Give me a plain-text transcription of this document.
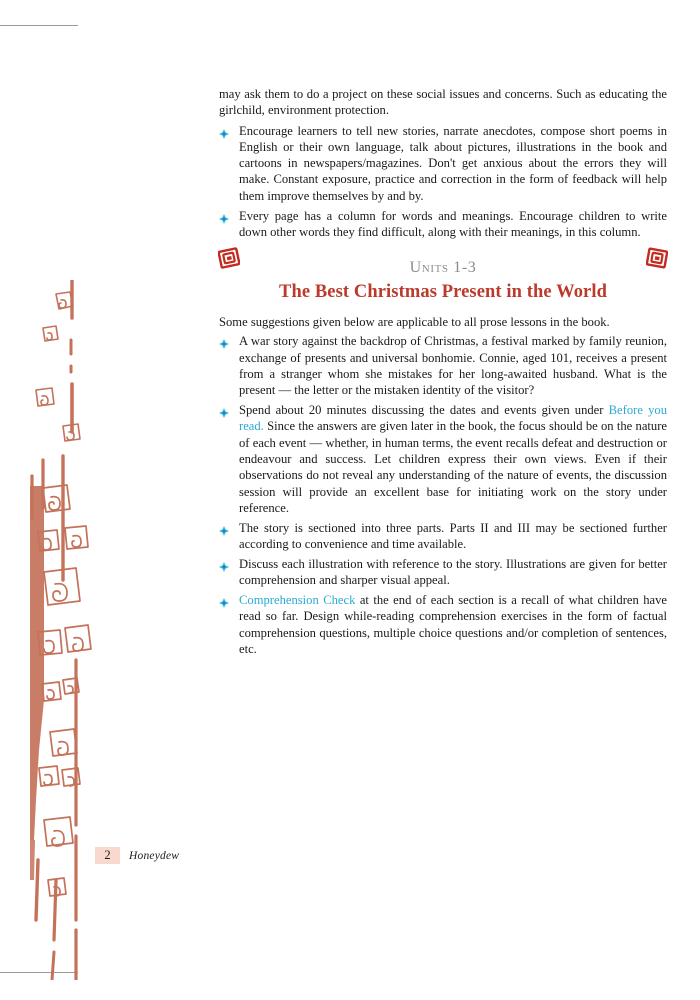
2	Honeydew

may ask them to do a project on these social issues and concerns. Such as educating the girlchild, environment protection.

Encourage learners to tell new stories, narrate anecdotes, compose short poems in English or their own language, talk about pictures, illustrations in the book and cartoons in newspapers/magazines. Don't get anxious about the errors they will make. Constant exposure, practice and correction in the form of feedback will help them improve themselves by and by.
Every page has a column for words and meanings. Encourage children to write down other words they find difficult, along with their meanings, in this column.

Units 1-3

The Best Christmas Present in the World

Some suggestions given below are applicable to all prose lessons in the book.

A war story against the backdrop of Christmas, a festival marked by family reunion, exchange of presents and universal bonhomie. Connie, aged 101, receives a present from a stranger whom she mistakes for her long-awaited husband. What is the present — the letter or the mistaken identity of the visitor?
Spend about 20 minutes discussing the dates and events given under Before you read. Since the answers are given later in the book, the focus should be on the nature of each event — whether, in human terms, the event recalls defeat and destruction or endeavour and success. Let children express their own views. Even if their observations do not reveal any understanding of the nature of events, the discussion session will provide an excellent base for initiating work on the story under reference.
The story is sectioned into three parts. Parts II and III may be sectioned further according to convenience and time available.
Discuss each illustration with reference to the story. Illustrations are given for better comprehension and sharper visual appeal.
Comprehension Check at the end of each section is a recall of what children have read so far. Design while-reading comprehension exercises in the form of factual comprehension questions, multiple choice questions and/or completion of sentences, etc.
